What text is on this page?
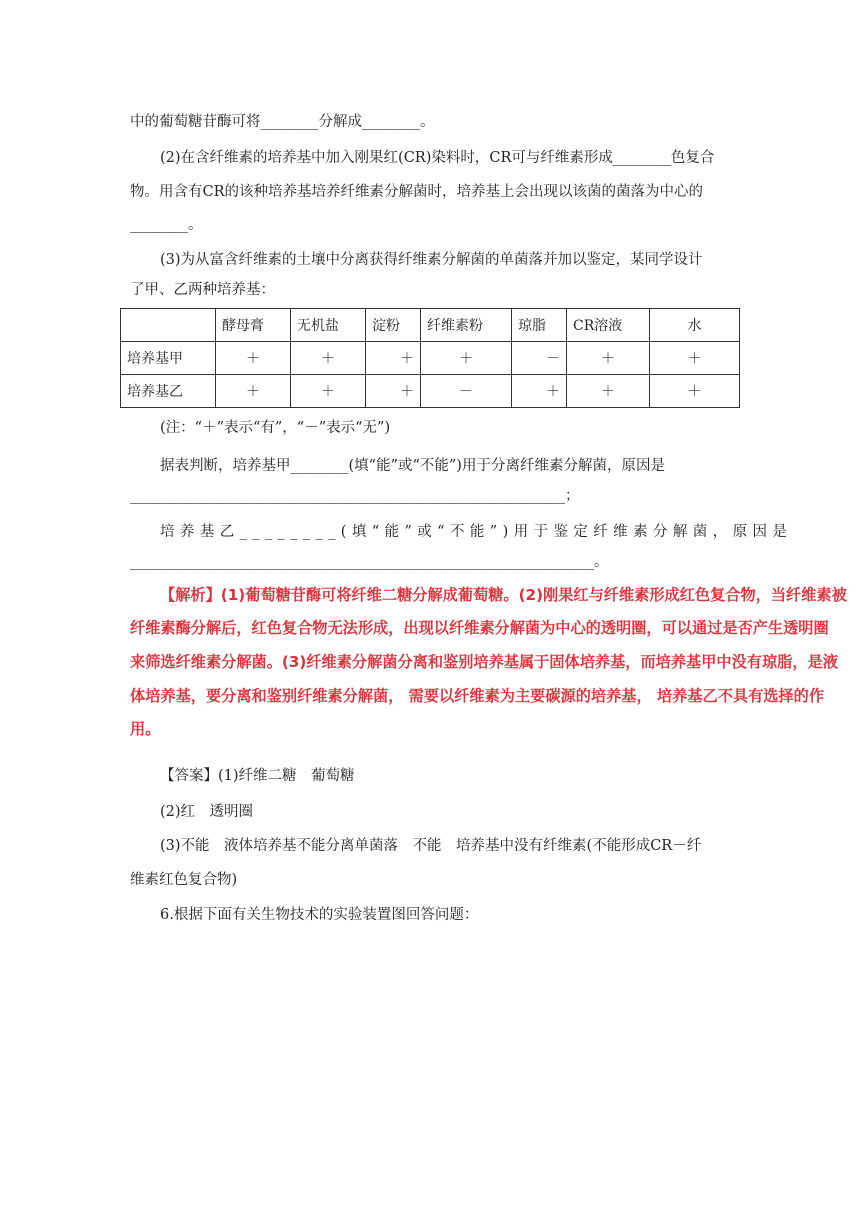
中的葡萄糖苷酶可将________分解成________。
(2)在含纤维素的培养基中加入刚果红(CR)染料时，CR可与纤维素形成________色复合
物。用含有CR的该种培养基培养纤维素分解菌时，培养基上会出现以该菌的菌落为中心的
________。
(3)为从富含纤维素的土壤中分离获得纤维素分解菌的单菌落并加以鉴定，某同学设计
了甲、乙两种培养基：
	酵母膏	无机盐	淀粉	纤维素粉	琼脂	CR溶液	水
培养基甲	＋	＋	＋	＋	－	＋	＋
培养基乙	＋	＋	＋	－	＋	＋	＋
(注：“＋”表示“有”，“－”表示“无”)
据表判断，培养基甲________(填“能”或“不能”)用于分离纤维素分解菌，原因是
____________________________________________________________；
培养基乙________(填“能”或“不能”)用于鉴定纤维素分解菌，原因是
________________________________________________________________。
【解析】(1)葡萄糖苷酶可将纤维二糖分解成葡萄糖。(2)刚果红与纤维素形成红色复合物，当纤维素被
纤维素酶分解后，红色复合物无法形成，出现以纤维素分解菌为中心的透明圈，可以通过是否产生透明圈
来筛选纤维素分解菌。(3)纤维素分解菌分离和鉴别培养基属于固体培养基，而培养基甲中没有琼脂，是液
体培养基，要分离和鉴别纤维素分解菌， 需要以纤维素为主要碳源的培养基， 培养基乙不具有选择的作
用。
【答案】(1)纤维二糖　葡萄糖
(2)红　透明圈
(3)不能　液体培养基不能分离单菌落　不能　培养基中没有纤维素(不能形成CR－纤
维素红色复合物)
6.根据下面有关生物技术的实验装置图回答问题：
